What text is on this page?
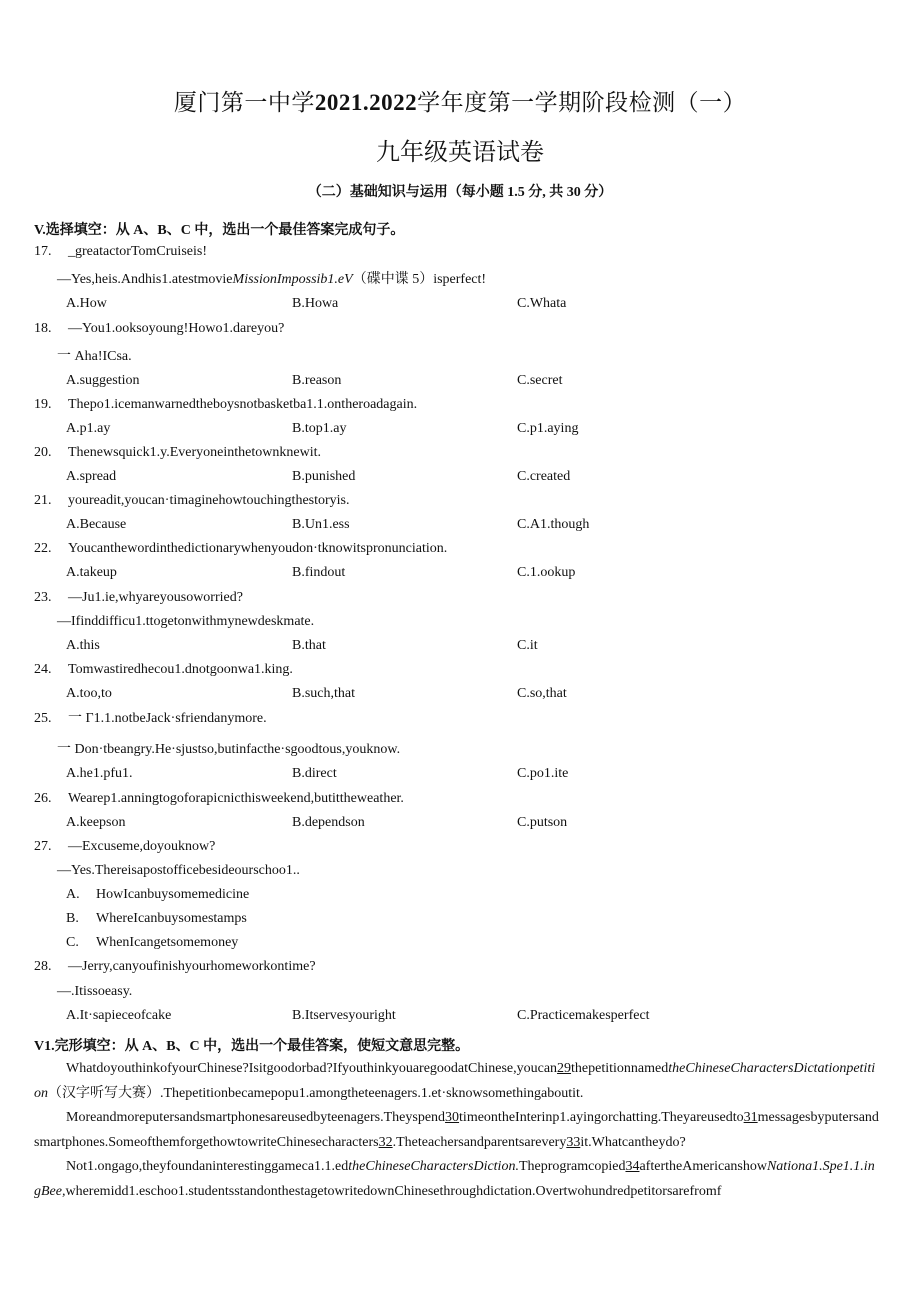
厦门第一中学2021.2022学年度第一学期阶段检测（一）
九年级英语试卷
（二）基础知识与运用（每小题 1.5 分, 共 30 分）
V.选择填空：从 A、B、C 中，选出一个最佳答案完成句子。
17. _greatactorTomCruiseis!
—Yes,heis.Andhis1.atestmovieMissionImpossib1.eV（碟中谍 5）isperfect!
A.How	B.Howa	C.Whata
18. —You1.ooksoyoung!Howo1.dareyou?
一 Aha!ICsa.
A.suggestion	B.reason	C.secret
19. Thepo1.icemanwarnedtheboysnotbasketba1.1.ontheroadagain.
A.p1.ay	B.top1.ay	C.p1.aying
20. Thenewsquick1.y.Everyoneinthetownknewit.
A.spread	B.punished	C.created
21. youreadit,youcan·timaginehowtouchingthestoryis.
A.Because	B.Un1.ess	C.A1.though
22. Youcanthewordinthedictionarywhenyoudon·tknowitspronunciation.
A.takeup	B.findout	C.1.ookup
23. —Ju1.ie,whyareyousoworried?
—Ifinddifficu1.ttogetonwithmynewdeskmate.
A.this	B.that	C.it
24. Tomwastiredhecou1.dnotgoonwa1.king.
A.too,to	B.such,that	C.so,that
25. 一 Γ1.1.notbeJack·sfriendanymore.
一 Don·tbeangry.He·sjustso,butinfacthe·sgoodtous,youknow.
A.he1.pfu1.	B.direct	C.po1.ite
26. Wearep1.anningtogoforapicnicthisweekend,butittheweather.
A.keepson	B.dependson	C.putson
27. —Excuseme,doyouknow?
—Yes.Thereisapostofficebesideourschoo1..
A. HowIcanbuysomemedicine
B. WhereIcanbuysomestamps
C. WhenIcangetsomemoney
28. —Jerry,canyoufinishyourhomeworkontime?
—.Itissoeasy.
A.It·sapieceofcake	B.Itservesyouright	C.Practicemakesperfect
V1.完形填空：从 A、B、C 中，选出一个最佳答案，使短文意思完整。
Whatdoyouthinkofyour​Chinese?Isitgoodorbad?Ifyouthinkyouaregood​atChinese,youcan29thepetitionnamedtheChineseCharactersDictationpetition（汉字听写大赛）.Thepetitionbecamepopu1.amongtheteenagers.1.et·sknowsomethingaboutit.
Moreandmorepu​tersandsmartphonesareusedbyteenagers.Theyspend30timeontheInterinp1.ayingorchatting.Theyareusedto31messagesbyputersandsmartphones.SomeofthemforgethowtowriteChinesecharacters32.Theteachersandparentsarevery33it.Whatcantheydo?
Not1.ongago,theyfoundaninterestinggameca1.1.edtheChineseCharactersDiction.Theprogramcopied34aftertheAmericanshowNationa1.Spe1.1.ingBee,wheremidd1.eschoo1.studentsstandonthestagetowritedownChinesethroughdictation.Overtwohundredpetitorsarefromf
